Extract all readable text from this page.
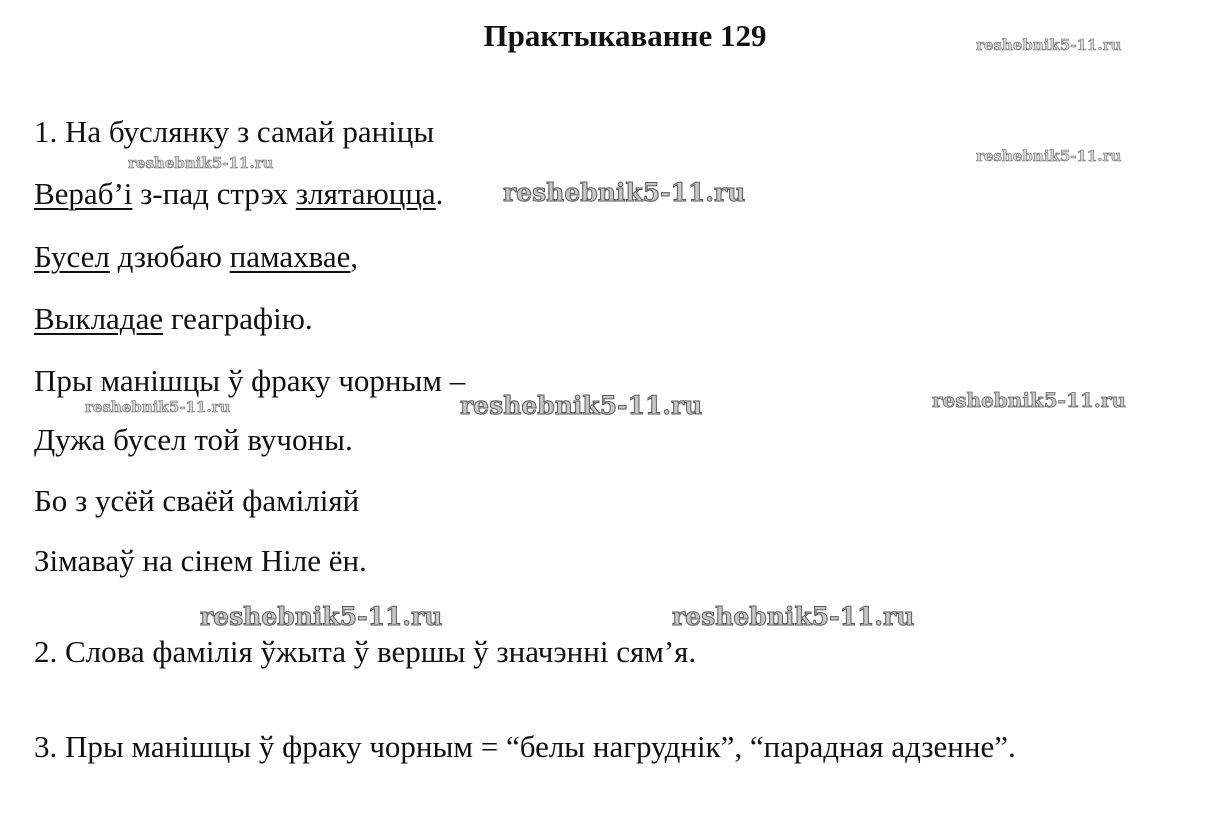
Практыкаванне 129
1. На буслянку з самай раніцы
Вераб’і з-пад стрэх злятаюцца.
Бусел дзюбаю памахвае,
Выкладае геаграфію.
Пры манішцы ў фраку чорным –
Дужа бусел той вучоны.
Бо з усёй сваёй фаміліяй
Зімаваў на сінем Ніле ён.
2. Слова фамілія ўжыта ў вершы ў значэнні сям’я.
3. Пры манішцы ў фраку чорным = “белы нагруднік”, “парадная адзенне”.
reshebnik5-11.ru
reshebnik5-11.ru	reshebnik5-11.ru
reshebnik5-11.ru
reshebnik5-11.ru	reshebnik5-11.ru	reshebnik5-11.ru
reshebnik5-11.ru	reshebnik5-11.ru
